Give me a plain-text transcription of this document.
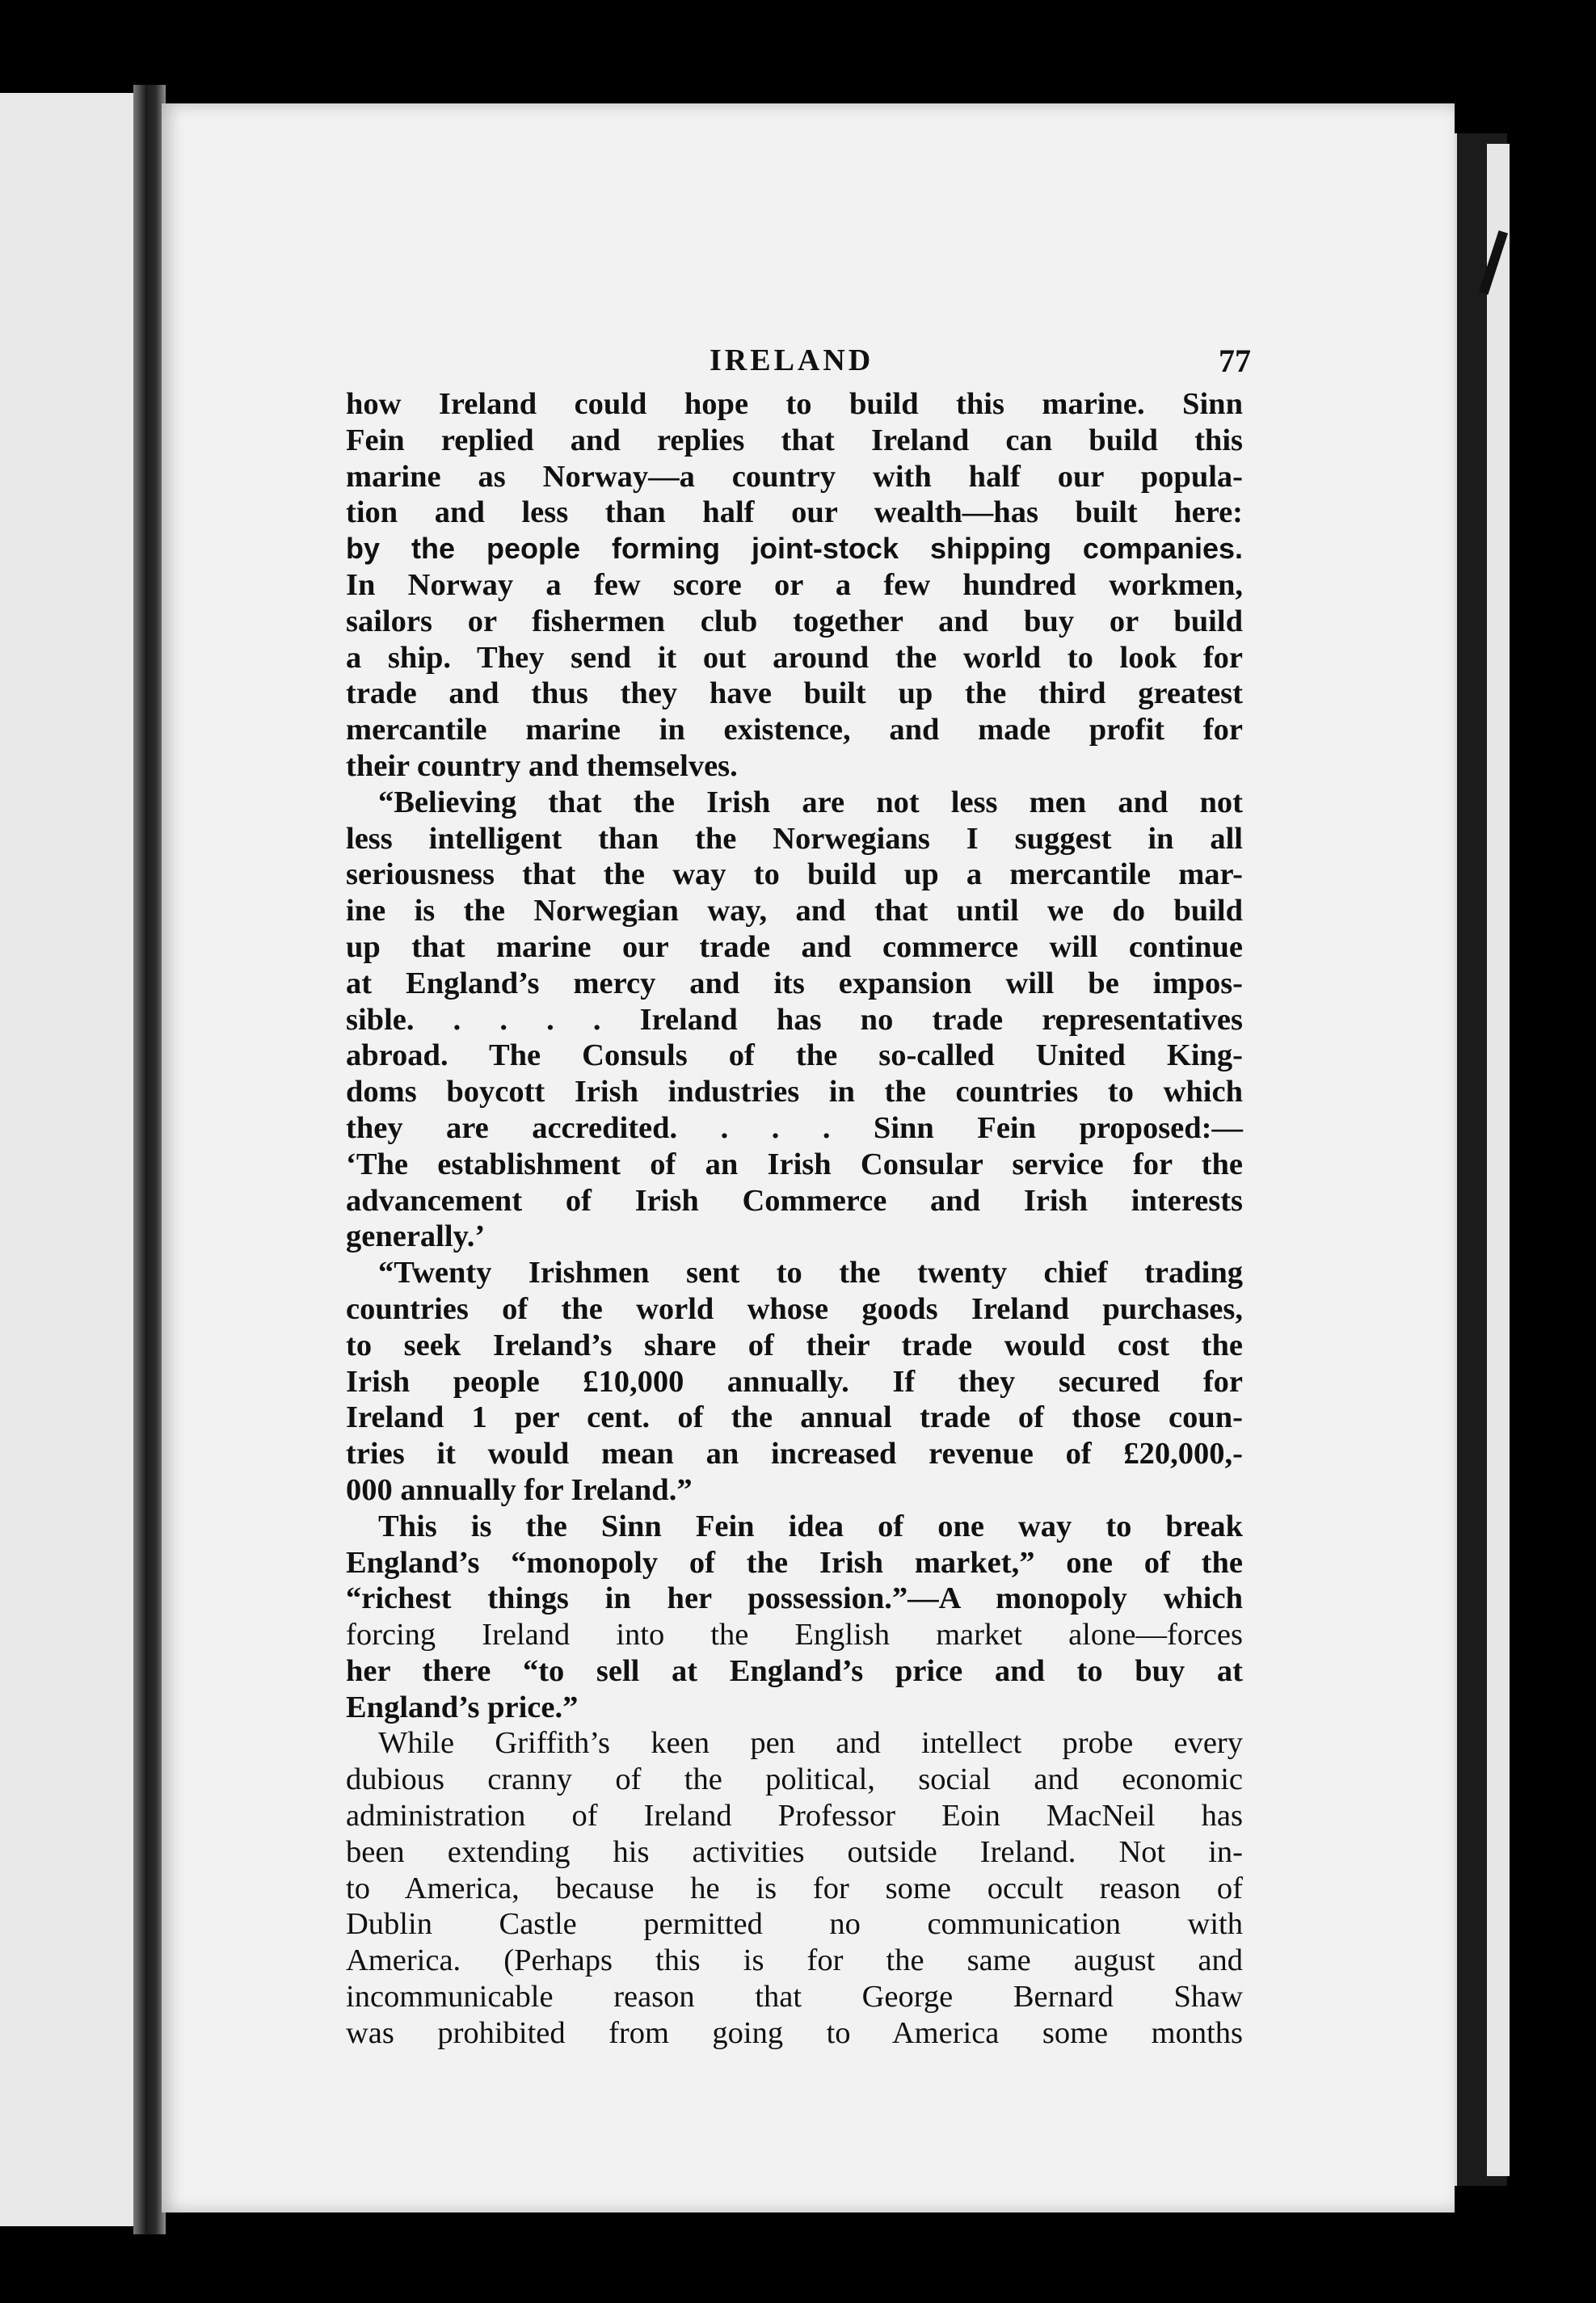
IRELAND	77

how Ireland could hope to build this marine. Sinn

Fein replied and replies that Ireland can build this

marine as Norway—a country with half our popula-

tion and less than half our wealth—has built here:

by the people forming joint-stock shipping companies.

In Norway a few score or a few hundred workmen,

sailors or fishermen club together and buy or build

a ship. They send it out around the world to look for

trade and thus they have built up the third greatest

mercantile marine in existence, and made profit for

their country and themselves.

“Believing that the Irish are not less men and not

less intelligent than the Norwegians I suggest in all

seriousness that the way to build up a mercantile mar-

ine is the Norwegian way, and that until we do build

up that marine our trade and commerce will continue

at England’s mercy and its expansion will be impos-

sible. . . . . Ireland has no trade representatives

abroad. The Consuls of the so-called United King-

doms boycott Irish industries in the countries to which

they are accredited. . . . Sinn Fein proposed:—

‘The establishment of an Irish Consular service for the

advancement of Irish Commerce and Irish interests

generally.’

“Twenty Irishmen sent to the twenty chief trading

countries of the world whose goods Ireland purchases,

to seek Ireland’s share of their trade would cost the

Irish people £10,000 annually. If they secured for

Ireland 1 per cent. of the annual trade of those coun-

tries it would mean an increased revenue of £20,000,-

000 annually for Ireland.”

This is the Sinn Fein idea of one way to break

England’s “monopoly of the Irish market,” one of the

“richest things in her possession.”—A monopoly which

forcing Ireland into the English market alone—forces

her there “to sell at England’s price and to buy at

England’s price.”

While Griffith’s keen pen and intellect probe every

dubious cranny of the political, social and economic

administration of Ireland Professor Eoin MacNeil has

been extending his activities outside Ireland. Not in-

to America, because he is for some occult reason of

Dublin Castle permitted no communication with

America. (Perhaps this is for the same august and

incommunicable reason that George Bernard Shaw

was prohibited from going to America some months
